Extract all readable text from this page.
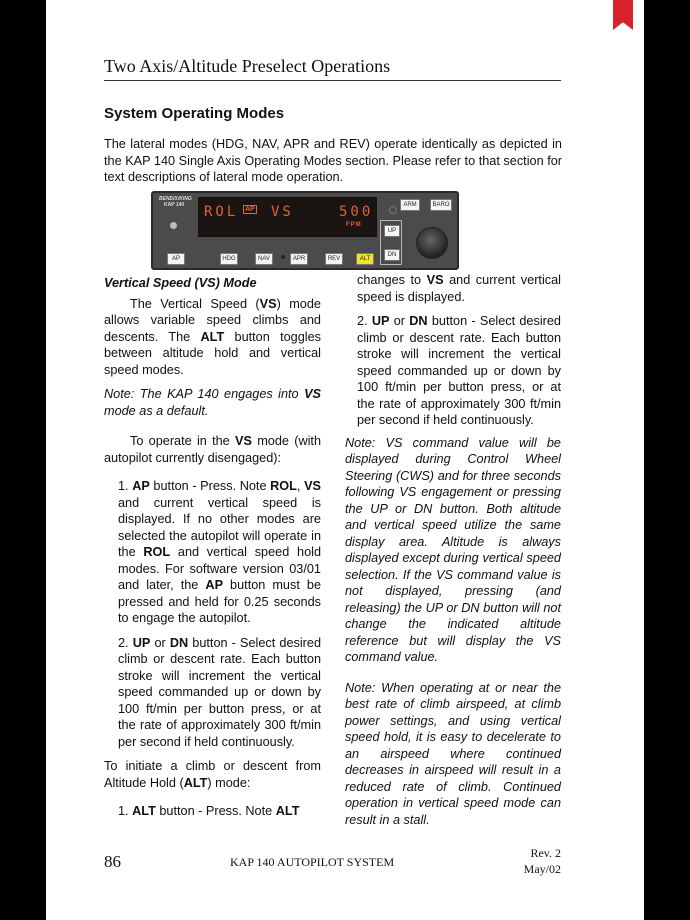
Two Axis/Altitude Preselect Operations
System Operating Modes
The lateral modes (HDG, NAV, APR and REV) operate identically as depicted in the KAP 140 Single Axis Operating Modes section. Please refer to that section for text descriptions of lateral mode operation.
BENDIX/KING
KAP 140 ROL AP VS	500
FPM
ARM	BARO
UP
DN
AP	HDG	NAV	APR	REV	ALT

Vertical Speed (VS) Mode

The Vertical Speed (VS) mode allows variable speed climbs and descents. The ALT button toggles between altitude hold and vertical speed modes.

Note: The KAP 140 engages into VS mode as a default.

To operate in the VS mode (with autopilot currently disengaged):

1. AP button - Press. Note ROL, VS and current vertical speed is displayed. If no other modes are selected the autopilot will operate in the ROL and vertical speed hold modes. For software version 03/01 and later, the AP button must be pressed and held for 0.25 seconds to engage the autopilot.

2. UP or DN button - Select desired climb or descent rate. Each button stroke will increment the vertical speed commanded up or down by 100 ft/min per button press, or at the rate of approximately 300 ft/min per second if held continuously.

To initiate a climb or descent from Altitude Hold (ALT) mode:

1. ALT button - Press. Note ALT

changes to VS and current vertical speed is displayed.

2. UP or DN button - Select desired climb or descent rate. Each button stroke will increment the vertical speed commanded up or down by 100 ft/min per button press, or at the rate of approximately 300 ft/min per second if held continuously.

Note: VS command value will be displayed during Control Wheel Steering (CWS) and for three seconds following VS engagement or pressing the UP or DN button. Both altitude and vertical speed utilize the same display area. Altitude is always displayed except during vertical speed selection. If the VS command value is not displayed, pressing (and releasing) the UP or DN button will not change the indicated altitude reference but will display the VS command value.

Note: When operating at or near the best rate of climb airspeed, at climb power settings, and using vertical speed hold, it is easy to decelerate to an airspeed where continued decreases in airspeed will result in a reduced rate of climb. Continued operation in vertical speed mode can result in a stall.

86	KAP 140 AUTOPILOT SYSTEM
Rev. 2
May/02
